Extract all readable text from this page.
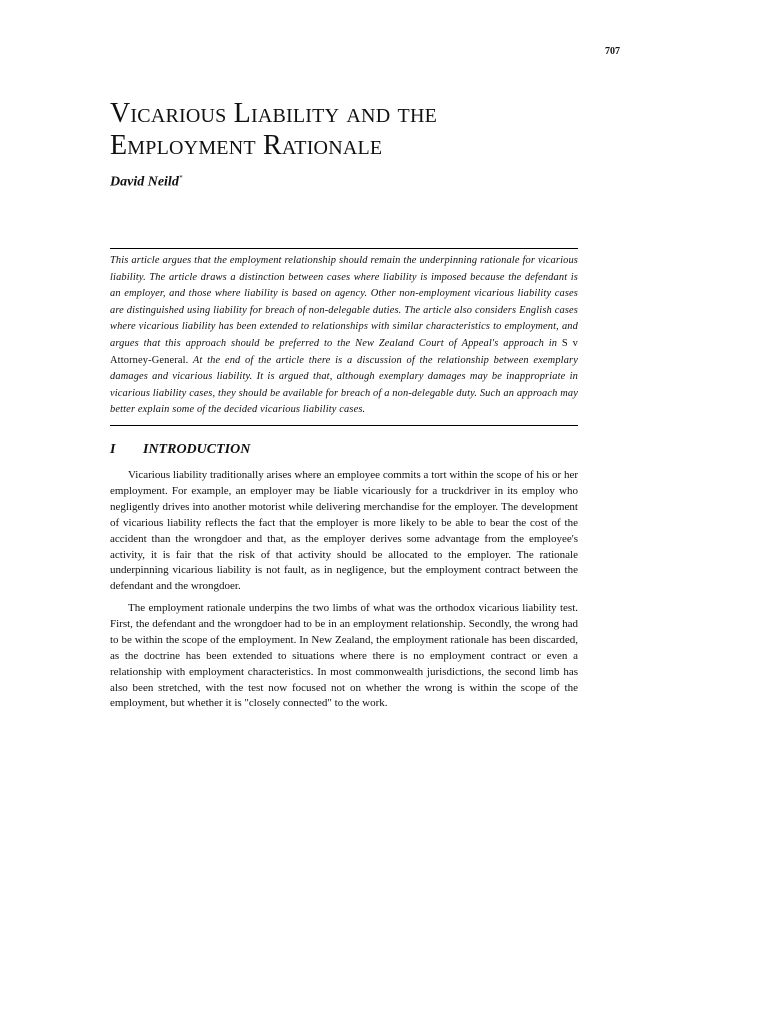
707
Vicarious Liability and the Employment Rationale
David Neild*
This article argues that the employment relationship should remain the underpinning rationale for vicarious liability. The article draws a distinction between cases where liability is imposed because the defendant is an employer, and those where liability is based on agency. Other non-employment vicarious liability cases are distinguished using liability for breach of non-delegable duties. The article also considers English cases where vicarious liability has been extended to relationships with similar characteristics to employment, and argues that this approach should be preferred to the New Zealand Court of Appeal's approach in S v Attorney-General. At the end of the article there is a discussion of the relationship between exemplary damages and vicarious liability. It is argued that, although exemplary damages may be inappropriate in vicarious liability cases, they should be available for breach of a non-delegable duty. Such an approach may better explain some of the decided vicarious liability cases.
I INTRODUCTION

Vicarious liability traditionally arises where an employee commits a tort within the scope of his or her employment. For example, an employer may be liable vicariously for a truckdriver in its employ who negligently drives into another motorist while delivering merchandise for the employer. The development of vicarious liability reflects the fact that the employer is more likely to be able to bear the cost of the accident than the wrongdoer and that, as the employer derives some advantage from the employee's activity, it is fair that the risk of that activity should be allocated to the employer. The rationale underpinning vicarious liability is not fault, as in negligence, but the employment contract between the defendant and the wrongdoer.

The employment rationale underpins the two limbs of what was the orthodox vicarious liability test. First, the defendant and the wrongdoer had to be in an employment relationship. Secondly, the wrong had to be within the scope of the employment. In New Zealand, the employment rationale has been discarded, as the doctrine has been extended to situations where there is no employment contract or even a relationship with employment characteristics. In most commonwealth jurisdictions, the second limb has also been stretched, with the test now focused not on whether the wrong is within the scope of the employment, but whether it is "closely connected" to the work.
